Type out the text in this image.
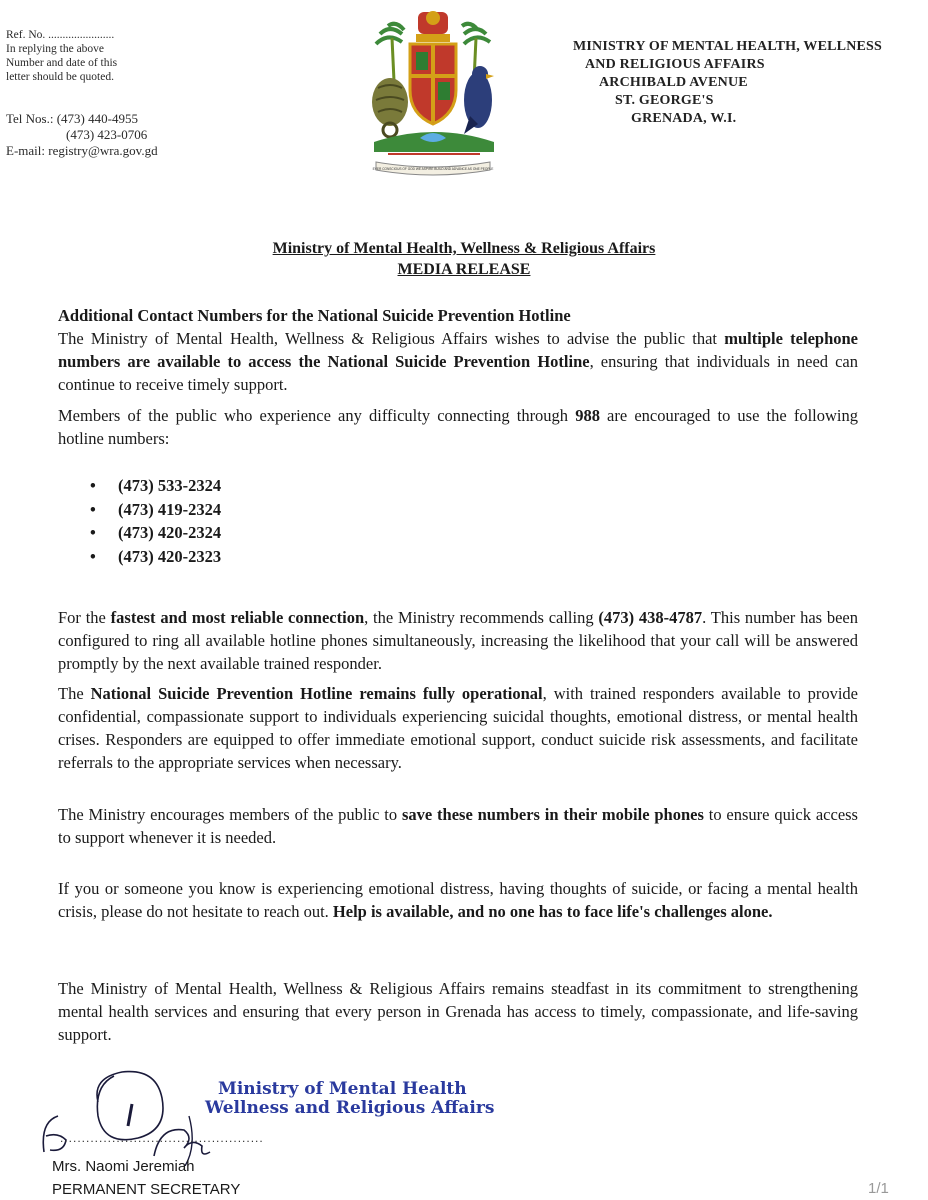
Ref. No. .......................
In replying the above
Number and date of this
letter should be quoted.
Tel Nos.: (473) 440-4955
(473) 423-0706
E-mail: registry@wra.gov.gd
EVER CONSCIOUS OF GOD WE ASPIRE BUILD AND ADVANCE AS ONE PEOPLE
MINISTRY OF MENTAL HEALTH, WELLNESS
AND RELIGIOUS AFFAIRS
ARCHIBALD AVENUE
ST. GEORGE'S
GRENADA, W.I.
Ministry of Mental Health, Wellness & Religious Affairs
MEDIA RELEASE
Additional Contact Numbers for the National Suicide Prevention Hotline
The Ministry of Mental Health, Wellness & Religious Affairs wishes to advise the public that multiple telephone numbers are available to access the National Suicide Prevention Hotline, ensuring that individuals in need can continue to receive timely support.
Members of the public who experience any difficulty connecting through 988 are encouraged to use the following hotline numbers:
• (473) 533-2324
• (473) 419-2324
• (473) 420-2324
• (473) 420-2323
For the fastest and most reliable connection, the Ministry recommends calling (473) 438-4787. This number has been configured to ring all available hotline phones simultaneously, increasing the likelihood that your call will be answered promptly by the next available trained responder.
The National Suicide Prevention Hotline remains fully operational, with trained responders available to provide confidential, compassionate support to individuals experiencing suicidal thoughts, emotional distress, or mental health crises. Responders are equipped to offer immediate emotional support, conduct suicide risk assessments, and facilitate referrals to the appropriate services when necessary.
The Ministry encourages members of the public to save these numbers in their mobile phones to ensure quick access to support whenever it is needed.
If you or someone you know is experiencing emotional distress, having thoughts of suicide, or facing a mental health crisis, please do not hesitate to reach out. Help is available, and no one has to face life's challenges alone.
The Ministry of Mental Health, Wellness & Religious Affairs remains steadfast in its commitment to strengthening mental health services and ensuring that every person in Grenada has access to timely, compassionate, and life-saving support.
Ministry of Mental Health
Wellness and Religious Affairs
...............................................
Mrs. Naomi Jeremiah
PERMANENT SECRETARY	1/1
